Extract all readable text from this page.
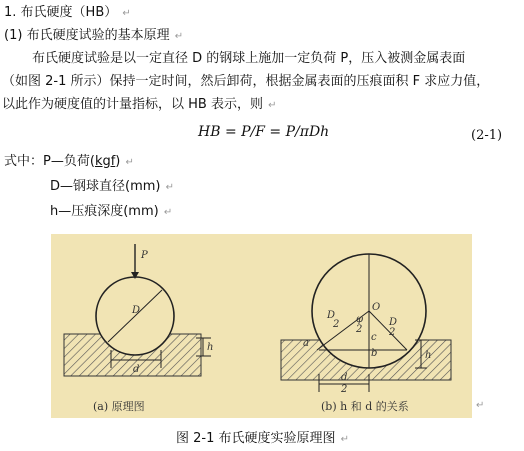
1. 布氏硬度（HB） ↵
(1) 布氏硬度试验的基本原理 ↵
布氏硬度试验是以一定直径 D 的钢球上施加一定负荷 P，压入被测金属表面
（如图 2-1 所示）保持一定时间，然后卸荷，根据金属表面的压痕面积 F 求应力值，
以此作为硬度值的计量指标，以 HB 表示，则 ↵
HB = P/F = P/πDh	(2-1)
式中：P—负荷(kgf) ↵
D—钢球直径(mm) ↵
h—压痕深度(mm) ↵
P
D
d
h
(a) 原理图
O
a
b
c
D
2 φ
2
D
2
d
2
h
(b) h 和 d 的关系	↵
图 2-1 布氏硬度实验原理图 ↵
